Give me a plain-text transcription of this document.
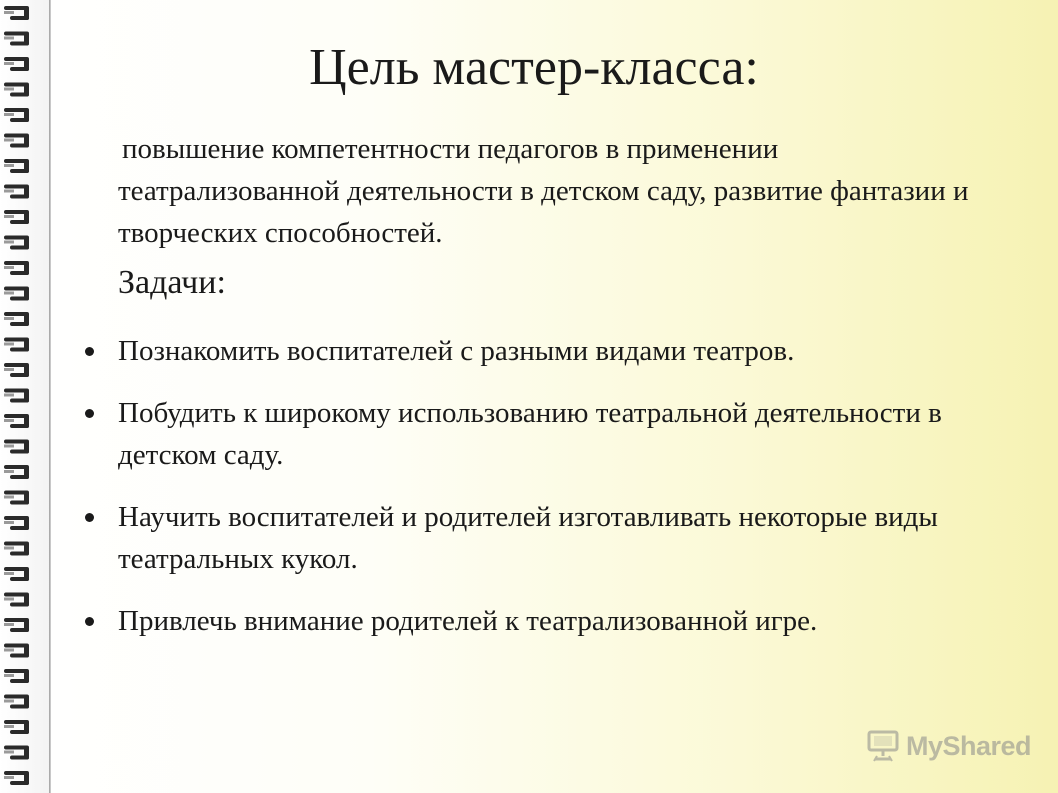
Цель мастер-класса:

повышение компетентности педагогов в применении театрализованной деятельности в детском саду, развитие фантазии и творческих способностей.

Задачи:
Познакомить воспитателей с разными видами театров.
Побудить к широкому использованию театральной деятельности в детском саду.
Научить воспитателей и родителей изготавливать некоторые виды театральных кукол.
Привлечь внимание родителей к театрализованной игре.
MyShared
